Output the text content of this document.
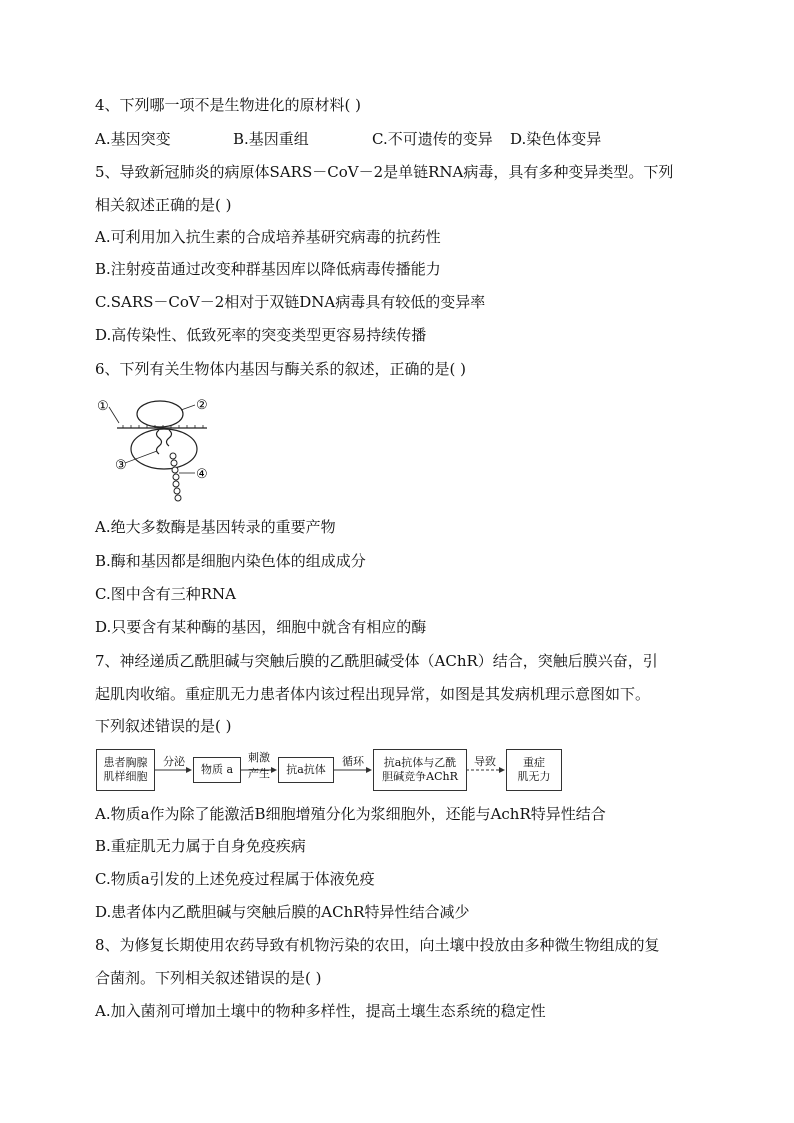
4、下列哪一项不是生物进化的原材料( )
A.基因突变	B.基因重组	C.不可遗传的变异 D.染色体变异
5、导致新冠肺炎的病原体SARS－CoV－2是单链RNA病毒，具有多种变异类型。下列
相关叙述正确的是( )
A.可利用加入抗生素的合成培养基研究病毒的抗药性
B.注射疫苗通过改变种群基因库以降低病毒传播能力
C.SARS－CoV－2相对于双链DNA病毒具有较低的变异率
D.高传染性、低致死率的突变类型更容易持续传播
6、下列有关生物体内基因与酶关系的叙述，正确的是( )
①	②
③
④
A.绝大多数酶是基因转录的重要产物
B.酶和基因都是细胞内染色体的组成成分
C.图中含有三种RNA
D.只要含有某种酶的基因，细胞中就含有相应的酶
7、神经递质乙酰胆碱与突触后膜的乙酰胆碱受体（AChR）结合，突触后膜兴奋，引
起肌肉收缩。重症肌无力患者体内该过程出现异常，如图是其发病机理示意图如下。
下列叙述错误的是( )
患者胸腺
肌样细胞
分泌
物质 a
刺激
产生	抗a抗体
循环	抗a抗体与乙酰
胆碱竞争AChR
导致	重症
肌无力
A.物质a作为除了能激活B细胞增殖分化为浆细胞外，还能与AchR特异性结合
B.重症肌无力属于自身免疫疾病
C.物质a引发的上述免疫过程属于体液免疫
D.患者体内乙酰胆碱与突触后膜的AChR特异性结合减少
8、为修复长期使用农药导致有机物污染的农田，向土壤中投放由多种微生物组成的复
合菌剂。下列相关叙述错误的是( )
A.加入菌剂可增加土壤中的物种多样性，提高土壤生态系统的稳定性
